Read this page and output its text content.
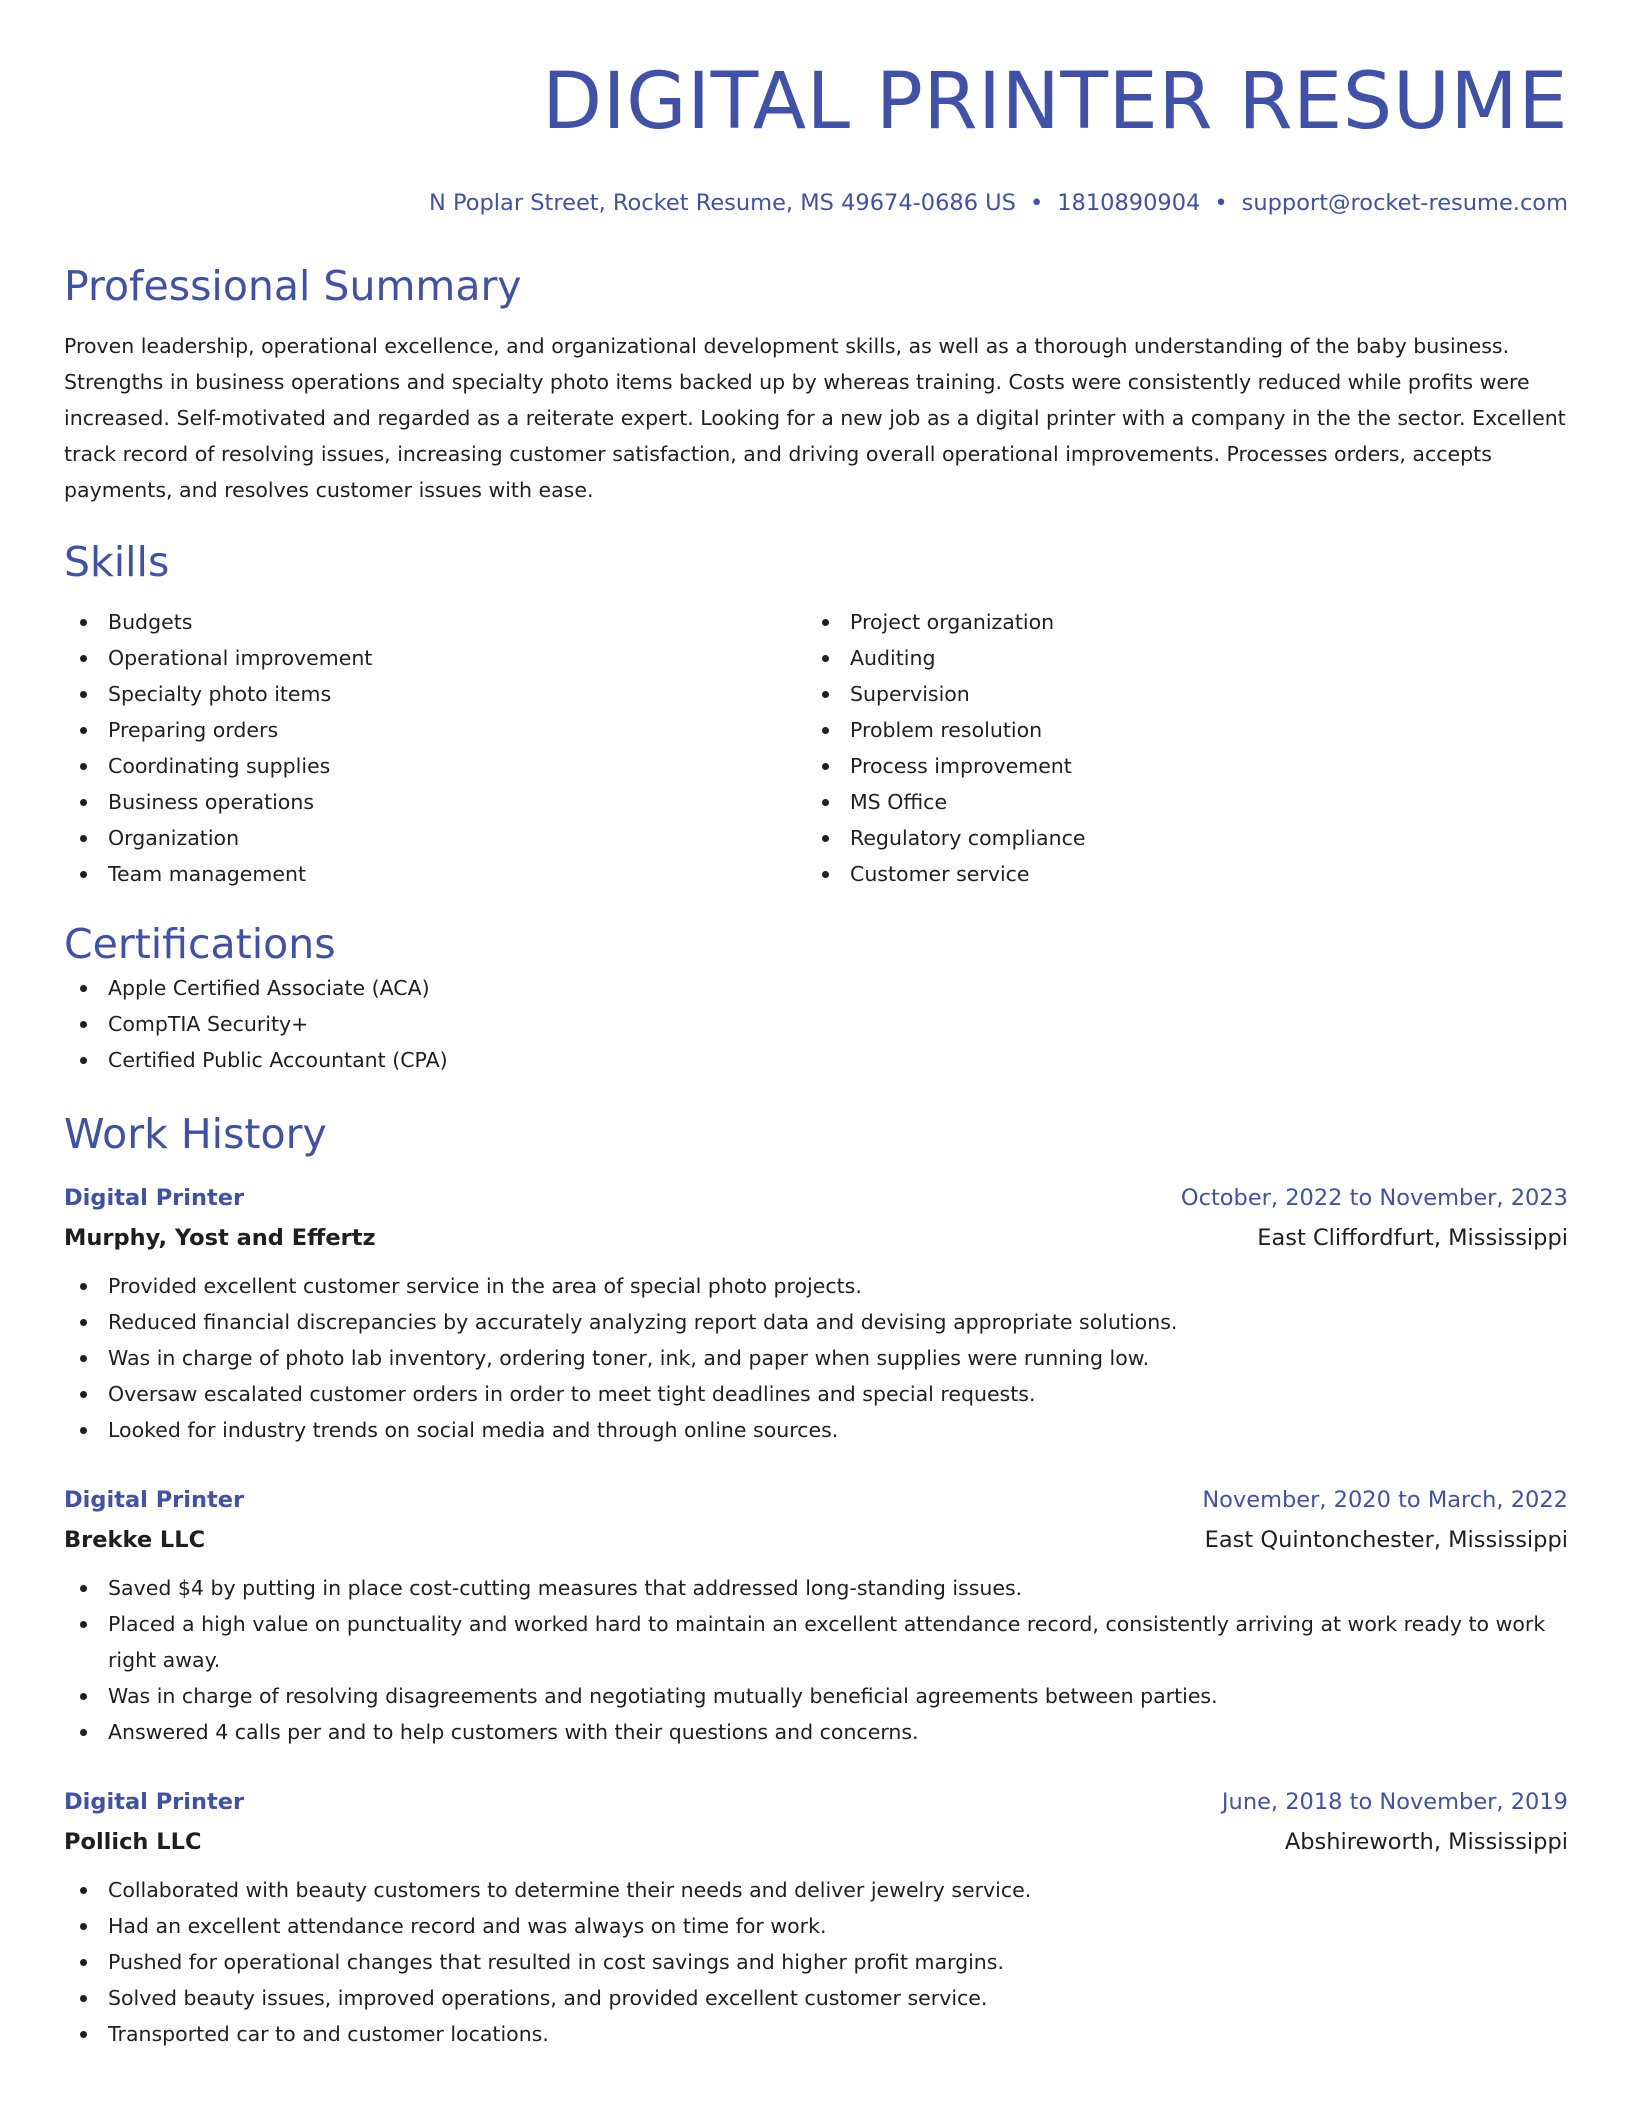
DIGITAL PRINTER RESUME
N Poplar Street, Rocket Resume, MS 49674-0686 US • 1810890904 • support@rocket-resume.com
Professional Summary
Proven leadership, operational excellence, and organizational development skills, as well as a thorough understanding of the baby business. Strengths in business operations and specialty photo items backed up by whereas training. Costs were consistently reduced while profits were increased. Self-motivated and regarded as a reiterate expert. Looking for a new job as a digital printer with a company in the the sector. Excellent track record of resolving issues, increasing customer satisfaction, and driving overall operational improvements. Processes orders, accepts payments, and resolves customer issues with ease.
Skills
Budgets
Operational improvement
Specialty photo items
Preparing orders
Coordinating supplies
Business operations
Organization
Team management
Project organization
Auditing
Supervision
Problem resolution
Process improvement
MS Office
Regulatory compliance
Customer service
Certifications
Apple Certified Associate (ACA)
CompTIA Security+
Certified Public Accountant (CPA)
Work History
Digital Printer	October, 2022 to November, 2023
Murphy, Yost and Effertz	East Cliffordfurt, Mississippi
Provided excellent customer service in the area of special photo projects.
Reduced financial discrepancies by accurately analyzing report data and devising appropriate solutions.
Was in charge of photo lab inventory, ordering toner, ink, and paper when supplies were running low.
Oversaw escalated customer orders in order to meet tight deadlines and special requests.
Looked for industry trends on social media and through online sources.
Digital Printer	November, 2020 to March, 2022
Brekke LLC	East Quintonchester, Mississippi
Saved $4 by putting in place cost-cutting measures that addressed long-standing issues.
Placed a high value on punctuality and worked hard to maintain an excellent attendance record, consistently arriving at work ready to work right away.
Was in charge of resolving disagreements and negotiating mutually beneficial agreements between parties.
Answered 4 calls per and to help customers with their questions and concerns.
Digital Printer	June, 2018 to November, 2019
Pollich LLC	Abshireworth, Mississippi
Collaborated with beauty customers to determine their needs and deliver jewelry service.
Had an excellent attendance record and was always on time for work.
Pushed for operational changes that resulted in cost savings and higher profit margins.
Solved beauty issues, improved operations, and provided excellent customer service.
Transported car to and customer locations.
